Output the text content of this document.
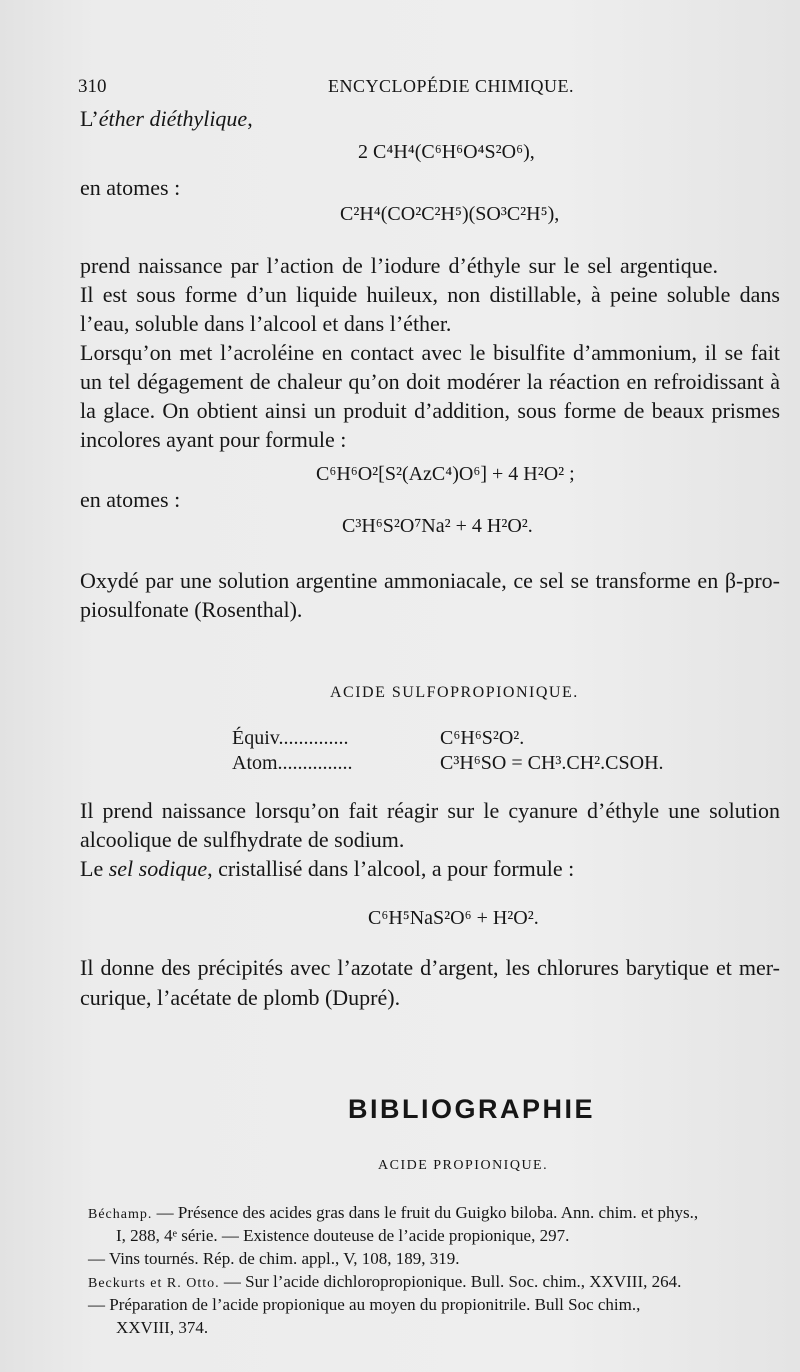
310	ENCYCLOPÉDIE CHIMIQUE.
L’éther diéthylique,
2 C⁴H⁴(C⁶H⁶O⁴S²O⁶),
en atomes :
C²H⁴(CO²C²H⁵)(SO³C²H⁵),
prend naissance par l’action de l’iodure d’éthyle sur le sel argentique.
Il est sous forme d’un liquide huileux, non distillable, à peine soluble dans
l’eau, soluble dans l’alcool et dans l’éther.
Lorsqu’on met l’acroléine en contact avec le bisulfite d’ammonium, il se fait
un tel dégagement de chaleur qu’on doit modérer la réaction en refroidissant à
la glace. On obtient ainsi un produit d’addition, sous forme de beaux prismes
incolores ayant pour formule :
C⁶H⁶O²[S²(AzC⁴)O⁶] + 4 H²O² ;
en atomes :
C³H⁶S²O⁷Na² + 4 H²O².
Oxydé par une solution argentine ammoniacale, ce sel se transforme en β-pro-
piosulfonate (Rosenthal).
ACIDE SULFOPROPIONIQUE.
Équiv..............	C⁶H⁶S²O².
Atom...............	C³H⁶SO = CH³.CH².CSOH.
Il prend naissance lorsqu’on fait réagir sur le cyanure d’éthyle une solution
alcoolique de sulfhydrate de sodium.
Le sel sodique, cristallisé dans l’alcool, a pour formule :
C⁶H⁵NaS²O⁶ + H²O².
Il donne des précipités avec l’azotate d’argent, les chlorures barytique et mer-
curique, l’acétate de plomb (Dupré).
BIBLIOGRAPHIE
ACIDE PROPIONIQUE.
Béchamp. — Présence des acides gras dans le fruit du Guigko biloba. Ann. chim. et phys.,
I, 288, 4ᵉ série. — Existence douteuse de l’acide propionique, 297.
— Vins tournés. Rép. de chim. appl., V, 108, 189, 319.
Beckurts et R. Otto. — Sur l’acide dichloropropionique. Bull. Soc. chim., XXVIII, 264.
— Préparation de l’acide propionique au moyen du propionitrile. Bull Soc chim.,
XXVIII, 374.
